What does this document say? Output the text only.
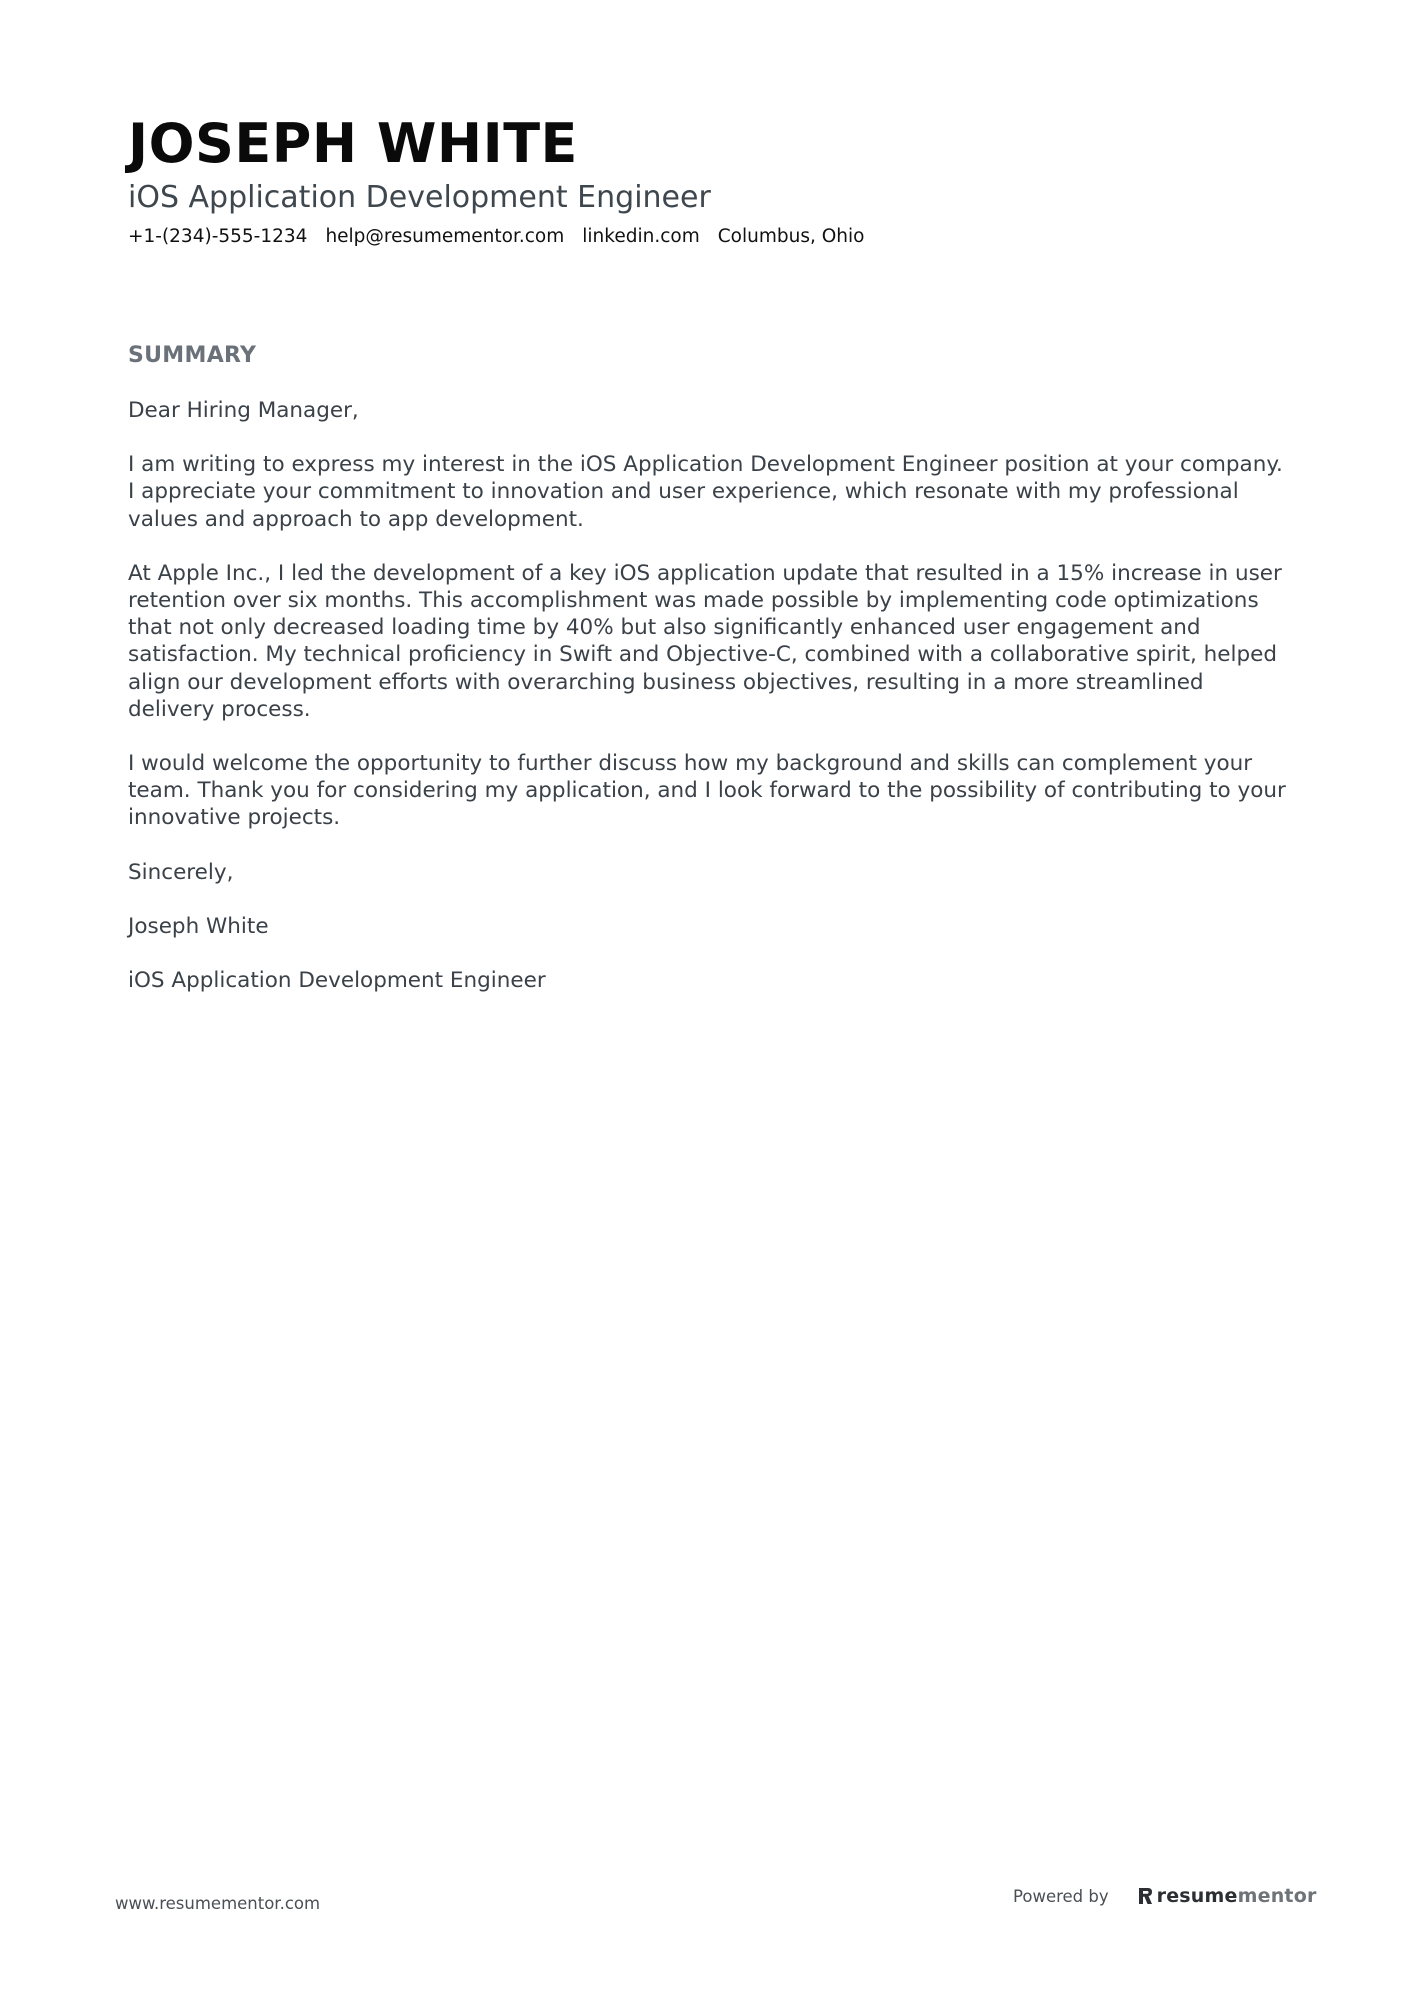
JOSEPH WHITE
iOS Application Development Engineer
+1-(234)-555-1234 help@resumementor.com linkedin.com Columbus, Ohio
SUMMARY

Dear Hiring Manager,

I am writing to express my interest in the iOS Application Development Engineer position at your company. I appreciate your commitment to innovation and user experience, which resonate with my professional values and approach to app development.

At Apple Inc., I led the development of a key iOS application update that resulted in a 15% increase in user retention over six months. This accomplishment was made possible by implementing code optimizations that not only decreased loading time by 40% but also significantly enhanced user engagement and satisfaction. My technical proficiency in Swift and Objective-C, combined with a collaborative spirit, helped align our development efforts with overarching business objectives, resulting in a more streamlined delivery process.

I would welcome the opportunity to further discuss how my background and skills can complement your team. Thank you for considering my application, and I look forward to the possibility of contributing to your innovative projects.

Sincerely,

Joseph White

iOS Application Development Engineer

www.resumementor.com	Powered by	resumementor
